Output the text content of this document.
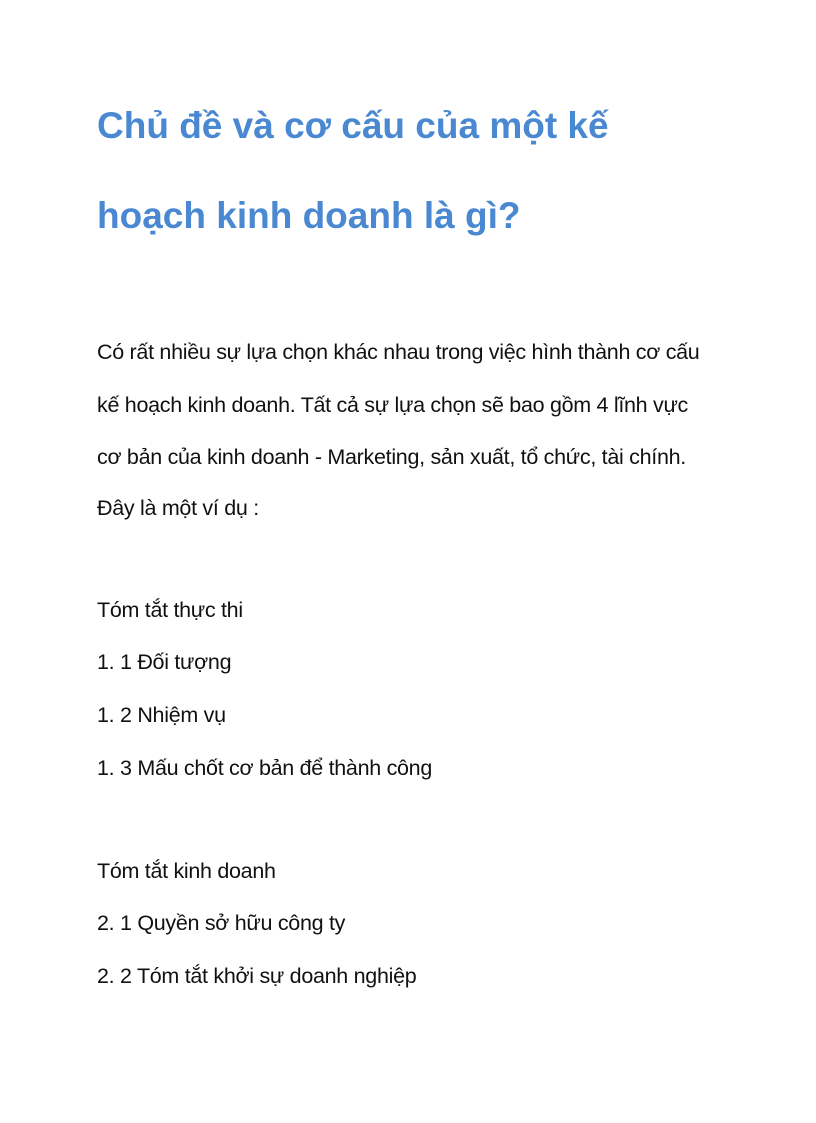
Chủ đề và cơ cấu của một kế
hoạch kinh doanh là gì?
Có rất nhiều sự lựa chọn khác nhau trong việc hình thành cơ cấu
kế hoạch kinh doanh. Tất cả sự lựa chọn sẽ bao gồm 4 lĩnh vực
cơ bản của kinh doanh - Marketing, sản xuất, tổ chức, tài chính.
Đây là một ví dụ :
Tóm tắt thực thi
1. 1 Đối tượng
1. 2 Nhiệm vụ
1. 3 Mấu chốt cơ bản để thành công
Tóm tắt kinh doanh
2. 1 Quyền sở hữu công ty
2. 2 Tóm tắt khởi sự doanh nghiệp
